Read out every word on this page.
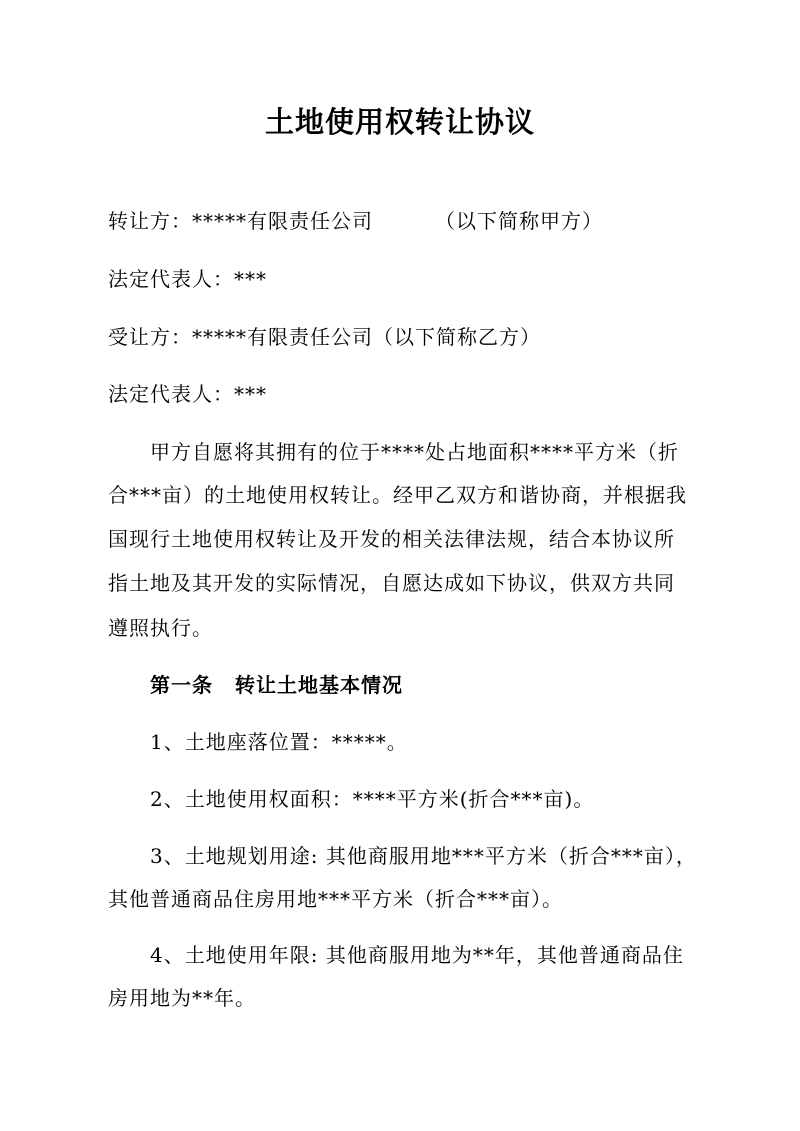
土地使用权转让协议
转让方：*****有限责任公司	（以下简称甲方）
法定代表人：***
受让方：*****有限责任公司（以下简称乙方）
法定代表人：***
甲方自愿将其拥有的位于****处占地面积****平方米（折
合***亩）的土地使用权转让。经甲乙双方和谐协商，并根据我
国现行土地使用权转让及开发的相关法律法规，结合本协议所
指土地及其开发的实际情况，自愿达成如下协议，供双方共同
遵照执行。
第一条 转让土地基本情况
1、土地座落位置：*****。
2、土地使用权面积：****平方米(折合***亩)。
3、土地规划用途: 其他商服用地***平方米（折合***亩），
其他普通商品住房用地***平方米（折合***亩）。
4、土地使用年限: 其他商服用地为**年，其他普通商品住
房用地为**年。
